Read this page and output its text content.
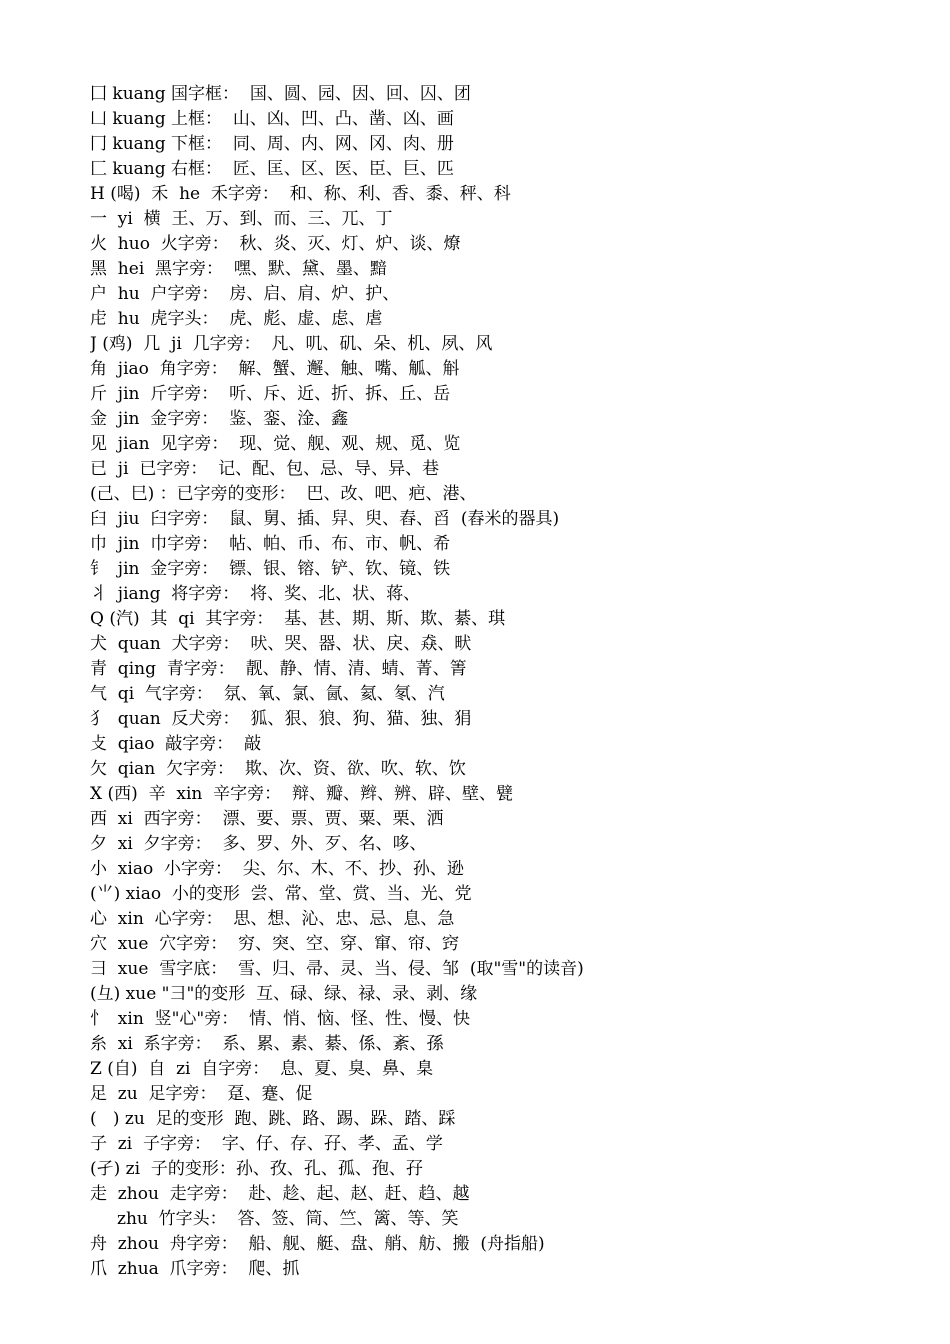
囗 kuang 国字框：  国、圆、园、因、回、囚、团
凵 kuang 上框：  山、凶、凹、凸、凿、凶、画
冂 kuang 下框：  同、周、内、网、冈、肉、册
匚 kuang 右框：  匠、匡、区、医、臣、巨、匹
H (喝)  禾  he  禾字旁：  和、称、利、香、黍、秤、科
一  yi  横  王、万、到、而、三、兀、丁
火  huo  火字旁：  秋、炎、灭、灯、炉、谈、燎
黑  hei  黑字旁：  嘿、默、黛、墨、黯
户  hu  户字旁：  房、启、肩、炉、护、
虍  hu  虎字头：  虎、彪、虚、虑、虐
J (鸡)  几  ji  几字旁：  凡、叽、矶、朵、机、夙、风
角  jiao  角字旁：  解、蟹、邂、触、嘴、觚、斛
斤  jin  斤字旁：  听、斥、近、折、拆、丘、岳
金  jin  金字旁：  鉴、銮、淦、鑫
见  jian  见字旁：  现、觉、舰、观、规、觅、览
已  ji  已字旁：  记、配、包、忌、导、异、巷
(己、巳) ：已字旁的变形：  巴、改、吧、疤、港、
臼  jiu  臼字旁：  鼠、舅、插、舁、臾、舂、舀  (舂米的器具)
巾  jin  巾字旁：  帖、帕、币、布、市、帆、希
钅  jin  金字旁：  镖、银、镕、铲、钦、镜、铁
丬  jiang  将字旁：  将、奖、北、状、蒋、
Q (汽)  其  qi  其字旁：  基、甚、期、斯、欺、綦、琪
犬  quan  犬字旁：  吠、哭、器、状、戾、猋、畎
青  qing  青字旁：  靓、静、情、清、蜻、菁、箐
气  qi  气字旁：  氛、氧、氯、氤、氦、氡、汽
犭  quan  反犬旁：  狐、狠、狼、狗、猫、独、狷
攴  qiao  敲字旁：  敲
欠  qian  欠字旁：  欺、次、资、欲、吹、软、饮
X (西)  辛  xin  辛字旁：  辩、瓣、辫、辨、辟、壁、甓
西  xi  西字旁：  漂、要、票、贾、粟、栗、洒
夕  xi  夕字旁：  多、罗、外、歹、名、哆、
小  xiao  小字旁：  尖、尔、木、不、抄、孙、逊
(⺌) xiao  小的变形  尝、常、堂、赏、当、光、党
心  xin  心字旁：  思、想、沁、忠、忌、息、急
穴  xue  穴字旁：  穷、突、空、穿、窜、帘、窍
彐  xue  雪字底：  雪、归、帚、灵、当、侵、邹  (取"雪"的读音)
(彑) xue "彐"的变形  互、碌、绿、禄、录、剥、缘
忄  xin  竖"心"旁：  情、悄、恼、怪、性、慢、快
糸  xi  系字旁：  系、累、素、綦、係、紊、孫
Z (自)  自  zi  自字旁：  息、夏、臭、鼻、臬
足  zu  足字旁：  趸、蹇、促
(   ) zu  足的变形  跑、跳、路、踢、跺、踏、踩
子  zi  子字旁：  字、仔、存、孖、孝、孟、学
(孑) zi  子的变形：孙、孜、孔、孤、孢、孖
走  zhou  走字旁：  赴、趁、起、赵、赶、趋、越
zhu  竹字头：  答、签、筒、竺、篱、等、笑
舟  zhou  舟字旁：  船、舰、艇、盘、艄、舫、搬  (舟指船)
爪  zhua  爪字旁：  爬、抓
